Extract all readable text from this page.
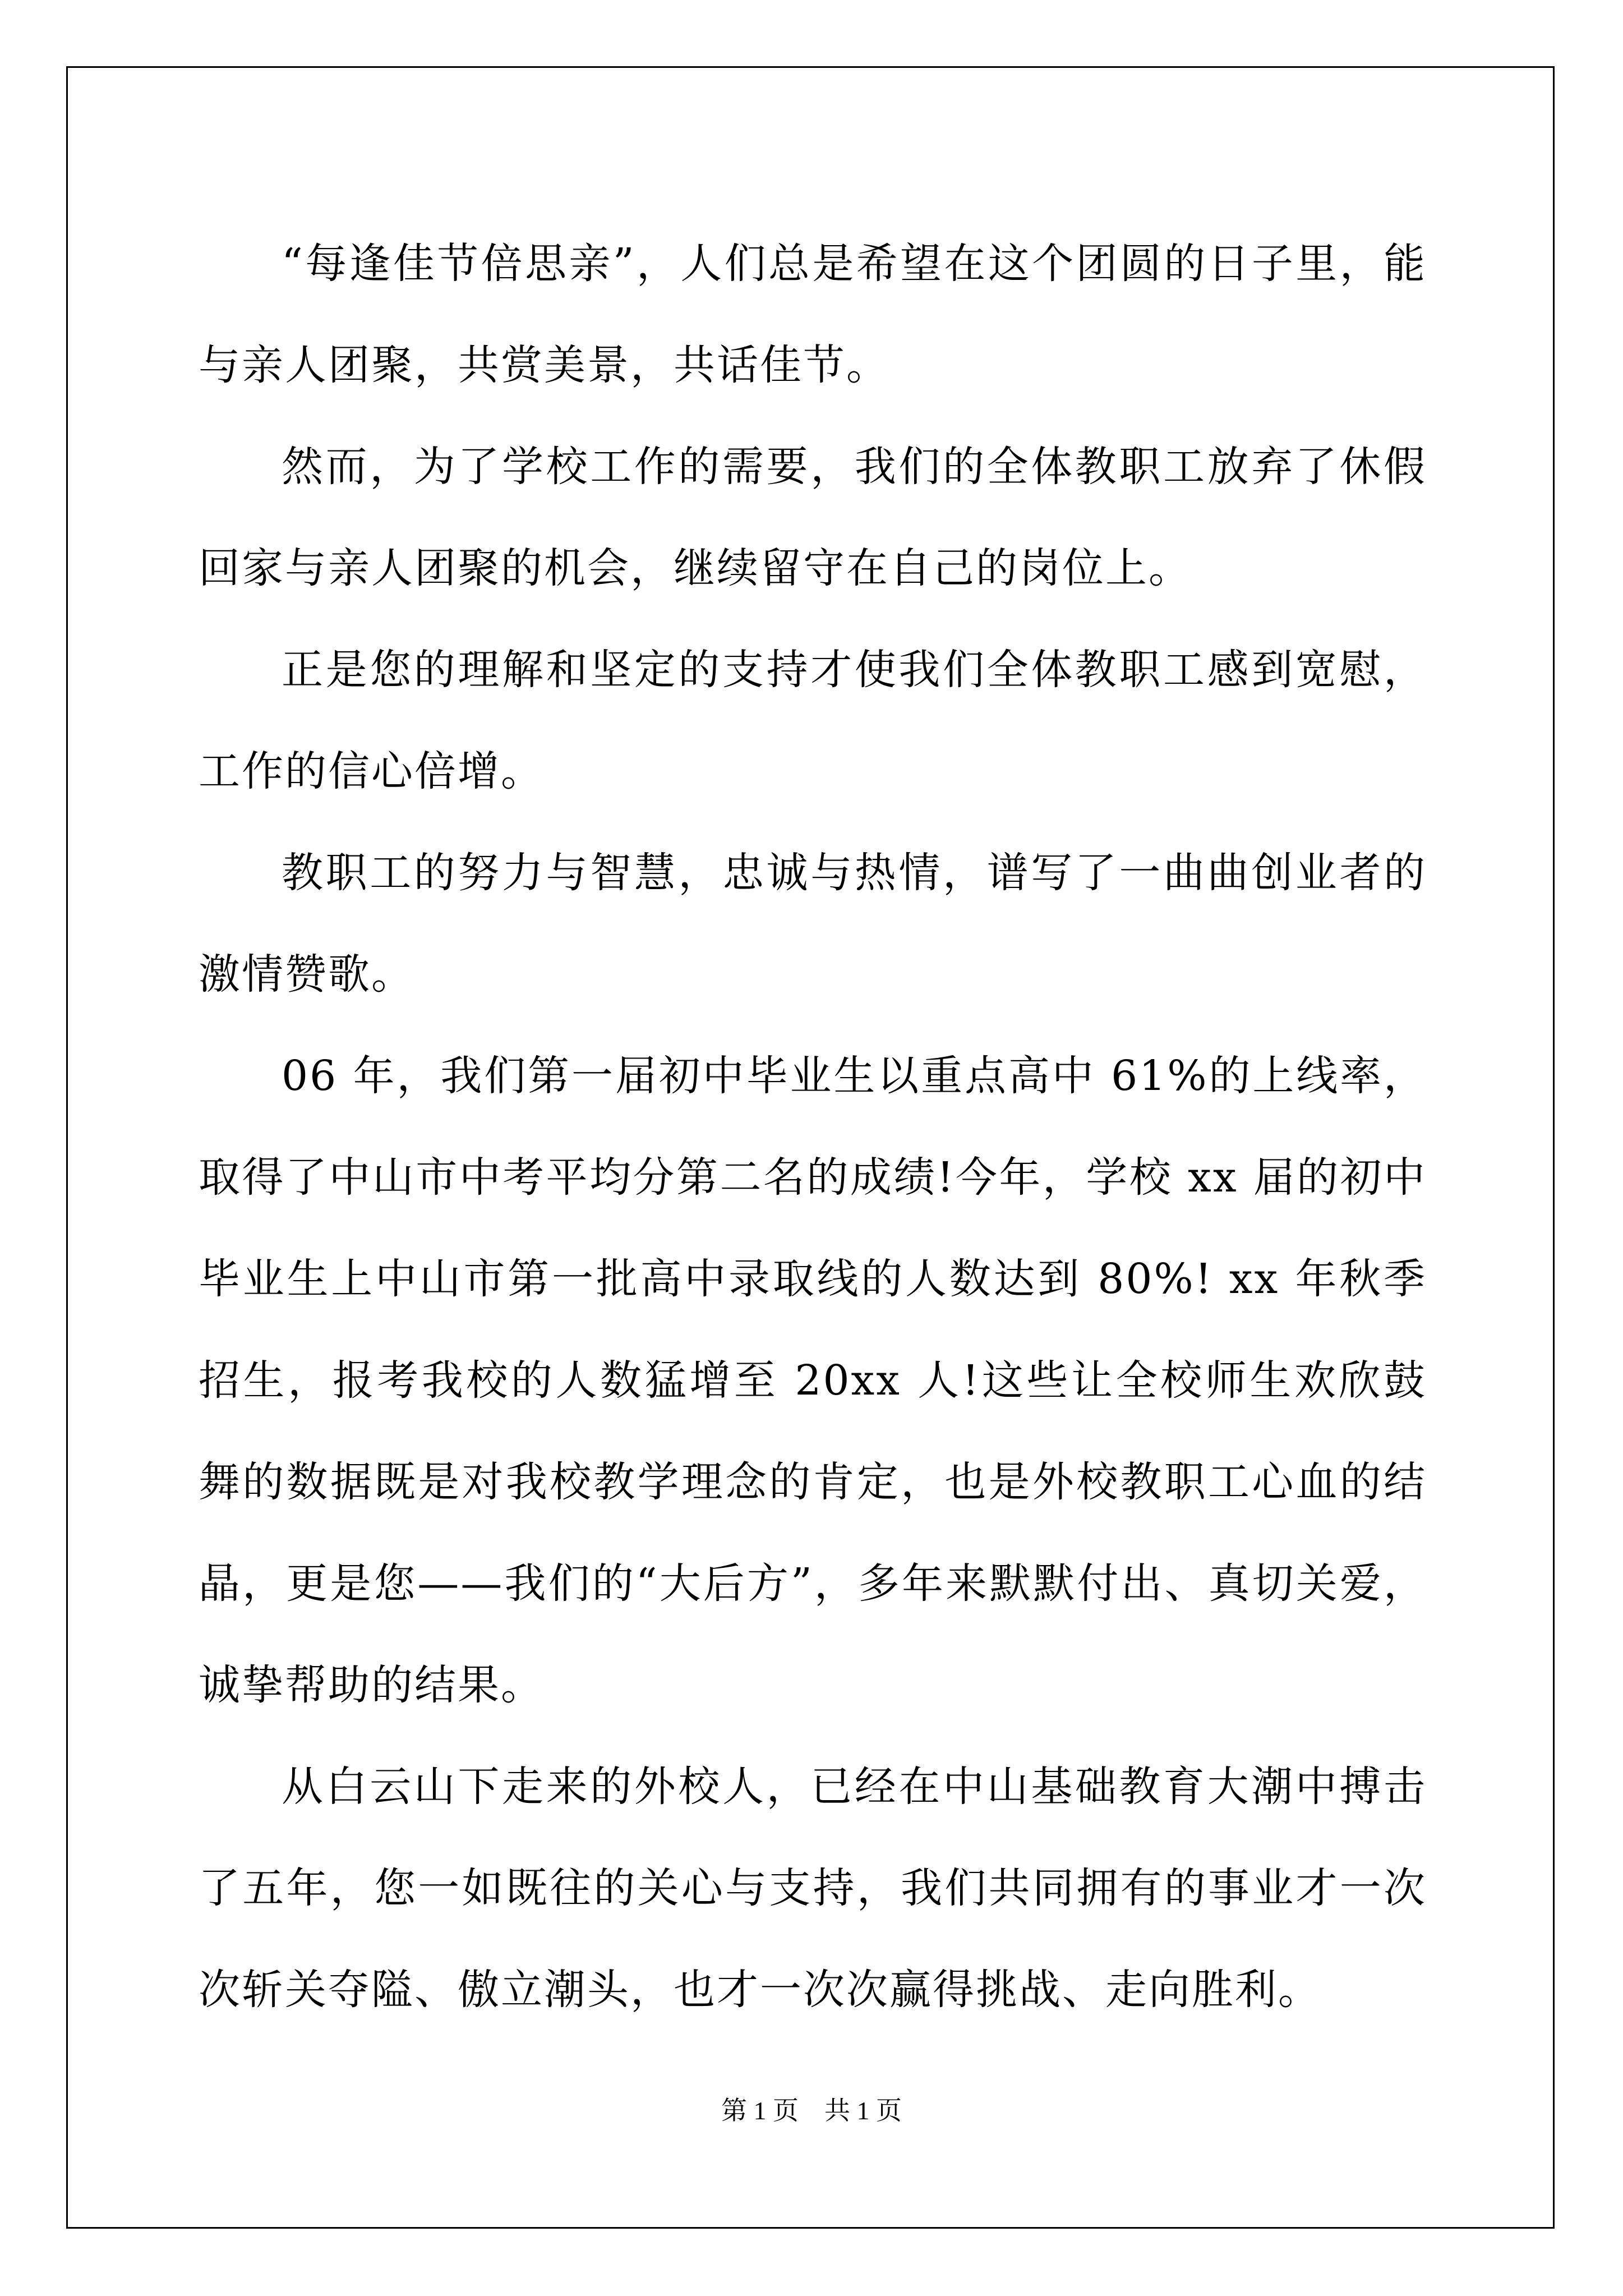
“每逢佳节倍思亲”，人们总是希望在这个团圆的日子里，能与亲人团聚，共赏美景，共话佳节。

然而，为了学校工作的需要，我们的全体教职工放弃了休假回家与亲人团聚的机会，继续留守在自己的岗位上。

正是您的理解和坚定的支持才使我们全体教职工感到宽慰，工作的信心倍增。

教职工的努力与智慧，忠诚与热情，谱写了一曲曲创业者的激情赞歌。

06 年，我们第一届初中毕业生以重点高中 61%的上线率，取得了中山市中考平均分第二名的成绩!今年，学校 xx 届的初中毕业生上中山市第一批高中录取线的人数达到 80%! xx 年秋季招生，报考我校的人数猛增至 20xx 人!这些让全校师生欢欣鼓舞的数据既是对我校教学理念的肯定，也是外校教职工心血的结晶，更是您——我们的“大后方”，多年来默默付出、真切关爱，诚挚帮助的结果。

从白云山下走来的外校人，已经在中山基础教育大潮中搏击了五年，您一如既往的关心与支持，我们共同拥有的事业才一次次斩关夺隘、傲立潮头，也才一次次赢得挑战、走向胜利。

第 1 页　共 1 页
